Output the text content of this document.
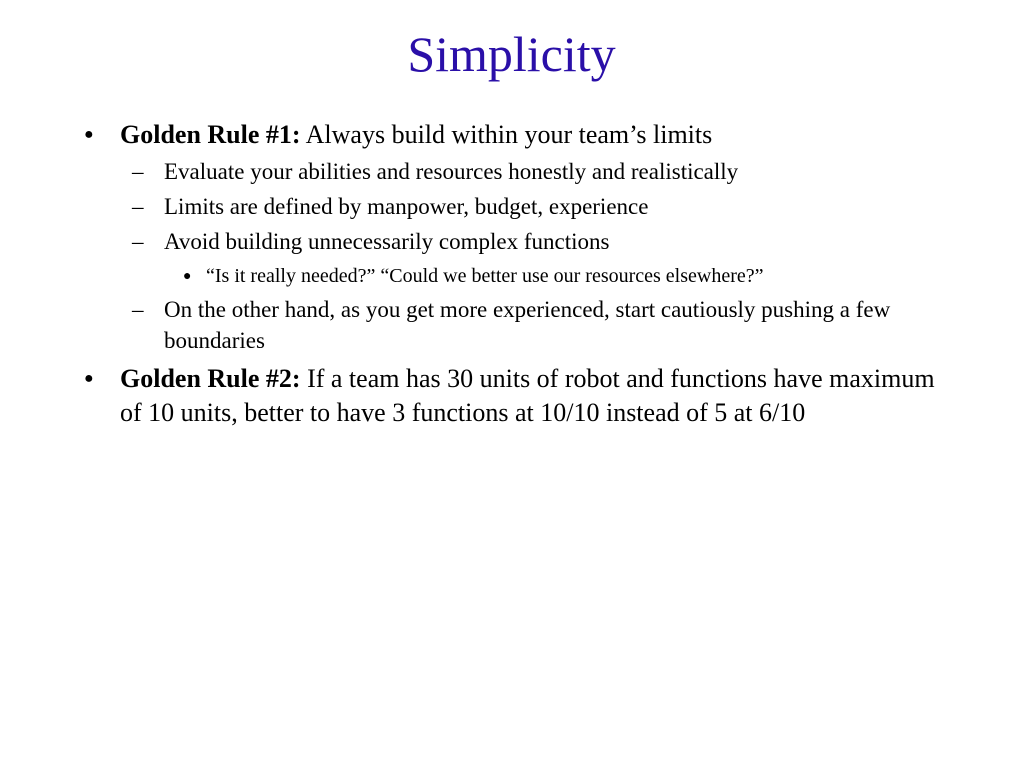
Simplicity
● Golden Rule #1: Always build within your team’s limits
– Evaluate your abilities and resources honestly and realistically
– Limits are defined by manpower, budget, experience
– Avoid building unnecessarily complex functions
● “Is it really needed?” “Could we better use our resources elsewhere?”
– On the other hand, as you get more experienced, start cautiously pushing a few boundaries
● Golden Rule #2: If a team has 30 units of robot and functions have maximum of 10 units, better to have 3 functions at 10/10 instead of 5 at 6/10
